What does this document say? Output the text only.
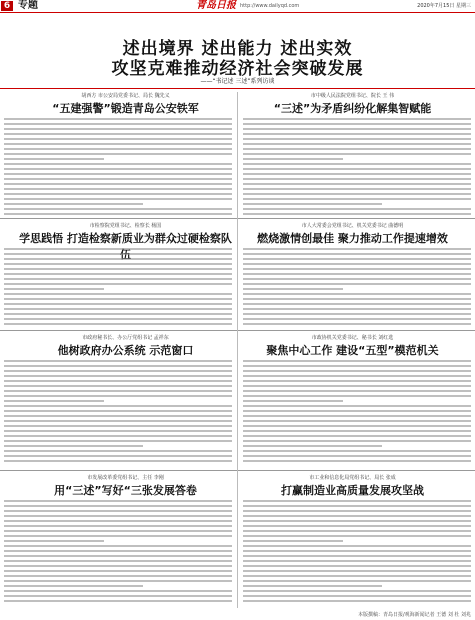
6 专题	青岛日报 http://www.dailyqd.com	2020年7月15日 星期三
述出境界 述出能力 述出实效
攻坚克难推动经济社会突破发展
——“书记述 三述”系列访谈
胡西方 市公安局党委书记、局长 魏先义
“五建强警”锻造青岛公安铁军
市中级人民法院党组书记、院长 王 伟
“三述”为矛盾纠纷化解集智赋能
市检察院党组书记、检察长 杨国
学思践悟 打造检察新质业为群众过硬检察队
市人大常委会党组书记、机关党委书记 曲德明
燃烧激情创最佳 聚力推动工作提速增效
市政府秘书长、办公厅党组书记 孟祥东
他树政府办公系统 示范窗口
市政协机关党委书记、秘书长 刘红选
聚焦中心工作 建设“五型”模范机关
市发展改革委党组书记、主任 李刚
用“三述”写好“三张发展答卷
市工业和信息化局党组书记、局长 张成
打赢制造业高质量发展攻坚战
本版撰稿：青岛日报/观海新闻记者 王德 刘 杜 刘兆
